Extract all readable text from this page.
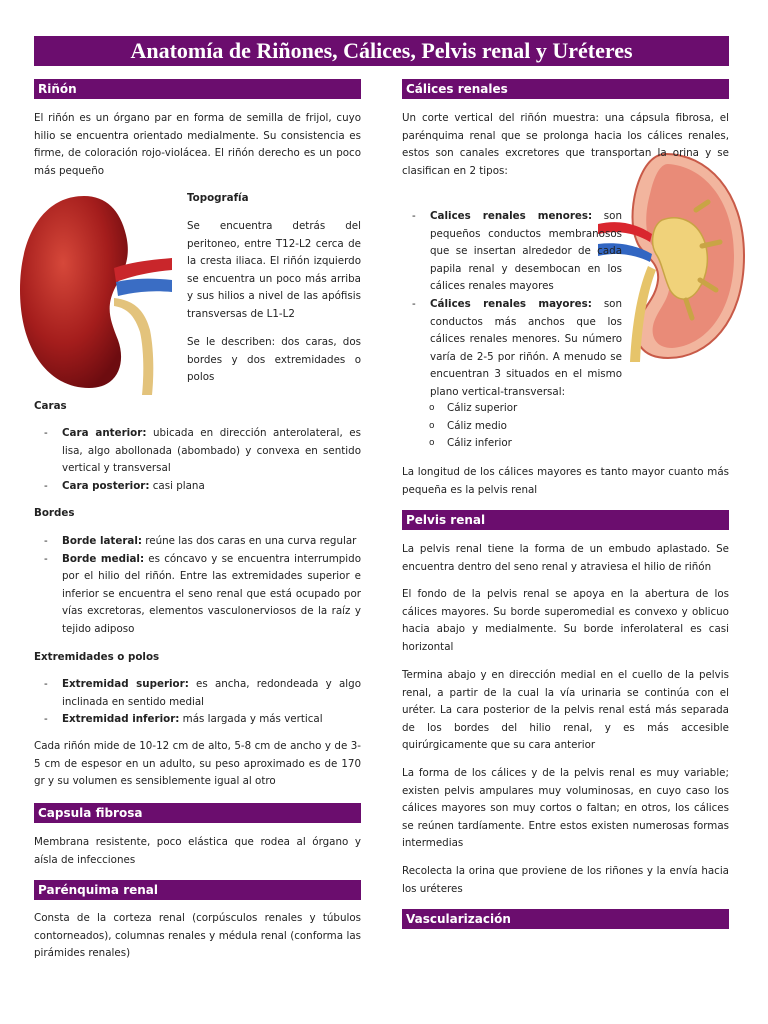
Anatomía de Riñones, Cálices, Pelvis renal y Uréteres
Riñón
El riñón es un órgano par en forma de semilla de frijol, cuyo hilio se encuentra orientado medialmente. Su consistencia es firme, de coloración rojo-violácea. El riñón derecho es un poco más pequeño
Topografía
Se encuentra detrás del peritoneo, entre T12-L2 cerca de la cresta iliaca. El riñón izquierdo se encuentra un poco más arriba y sus hilios a nivel de las apófisis transversas de L1-L2
Se le describen: dos caras, dos bordes y dos extremidades o polos
Caras
- Cara anterior: ubicada en dirección anterolateral, es lisa, algo abollonada (abombado) y convexa en sentido vertical y transversal
- Cara posterior: casi plana
Bordes
- Borde lateral: reúne las dos caras en una curva regular
- Borde medial: es cóncavo y se encuentra interrumpido por el hilio del riñón. Entre las extremidades superior e inferior se encuentra el seno renal que está ocupado por vías excretoras, elementos vasculonerviosos de la raíz y tejido adiposo
Extremidades o polos
- Extremidad superior: es ancha, redondeada y algo inclinada en sentido medial
- Extremidad inferior: más largada y más vertical
Cada riñón mide de 10-12 cm de alto, 5-8 cm de ancho y de 3-5 cm de espesor en un adulto, su peso aproximado es de 170 gr y su volumen es sensiblemente igual al otro
Capsula fibrosa
Membrana resistente, poco elástica que rodea al órgano y aísla de infecciones
Parénquima renal
Consta de la corteza renal (corpúsculos renales y túbulos contorneados), columnas renales y médula renal (conforma las pirámides renales)
Cálices renales
Un corte vertical del riñón muestra: una cápsula fibrosa, el parénquima renal que se prolonga hacia los cálices renales, estos son canales excretores que transportan la orina y se clasifican en 2 tipos:
- Calices renales menores: son pequeños conductos membranosos que se insertan alrededor de cada papila renal y desembocan en los cálices renales mayores
- Cálices renales mayores: son conductos más anchos que los cálices renales menores. Su número varía de 2-5 por riñón. A menudo se encuentran 3 situados en el mismo plano vertical-transversal:
o Cáliz superior
o Cáliz medio
o Cáliz inferior
La longitud de los cálices mayores es tanto mayor cuanto más pequeña es la pelvis renal
Pelvis renal
La pelvis renal tiene la forma de un embudo aplastado. Se encuentra dentro del seno renal y atraviesa el hilio de riñón
El fondo de la pelvis renal se apoya en la abertura de los cálices mayores. Su borde superomedial es convexo y oblicuo hacia abajo y medialmente. Su borde inferolateral es casi horizontal
Termina abajo y en dirección medial en el cuello de la pelvis renal, a partir de la cual la vía urinaria se continúa con el uréter. La cara posterior de la pelvis renal está más separada de los bordes del hilio renal, y es más accesible quirúrgicamente que su cara anterior
La forma de los cálices y de la pelvis renal es muy variable; existen pelvis ampulares muy voluminosas, en cuyo caso los cálices mayores son muy cortos o faltan; en otros, los cálices se reúnen tardíamente. Entre estos existen numerosas formas intermedias
Recolecta la orina que proviene de los riñones y la envía hacia los uréteres
Vascularización
